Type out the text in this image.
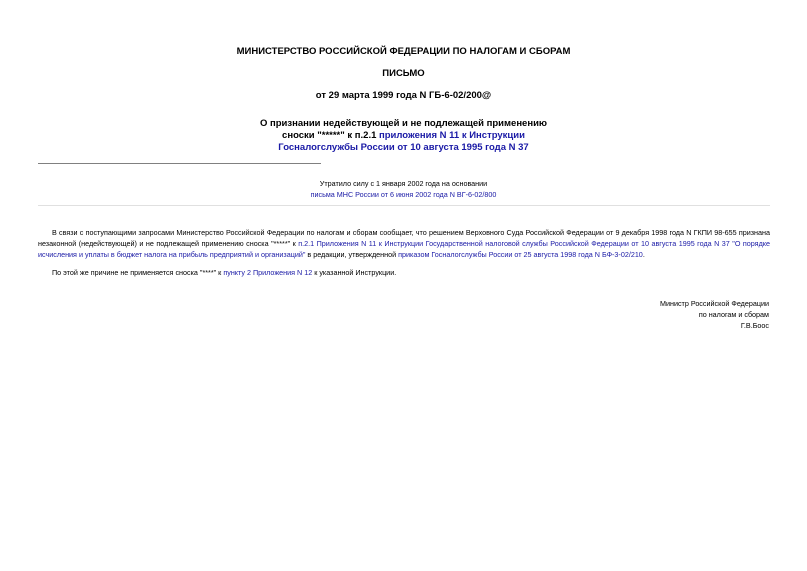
МИНИСТЕРСТВО РОССИЙСКОЙ ФЕДЕРАЦИИ ПО НАЛОГАМ И СБОРАМ
ПИСЬМО
от 29 марта 1999 года N ГБ-6-02/200@
О признании недействующей и не подлежащей применению
сноски "*****" к п.2.1 приложения N 11 к Инструкции
Госналогслужбы России от 10 августа 1995 года N 37
Утратило силу с 1 января 2002 года на основании
письма МНС России от 6 июня 2002 года N ВГ-6-02/800
В связи с поступающими запросами Министерство Российской Федерации по налогам и сборам сообщает, что решением Верховного Суда Российской Федерации от 9 декабря 1998 года N ГКПИ 98-655 признана незаконной (недействующей) и не подлежащей применению сноска "*****" к п.2.1 Приложения N 11 к Инструкции Государственной налоговой службы Российской Федерации от 10 августа 1995 года N 37 "О порядке исчисления и уплаты в бюджет налога на прибыль предприятий и организаций" в редакции, утвержденной приказом Госналогслужбы России от 25 августа 1998 года N БФ-3-02/210.
По этой же причине не применяется сноска "****" к пункту 2 Приложения N 12 к указанной Инструкции.
Министр Российской Федерации
по налогам и сборам
Г.В.Боос
